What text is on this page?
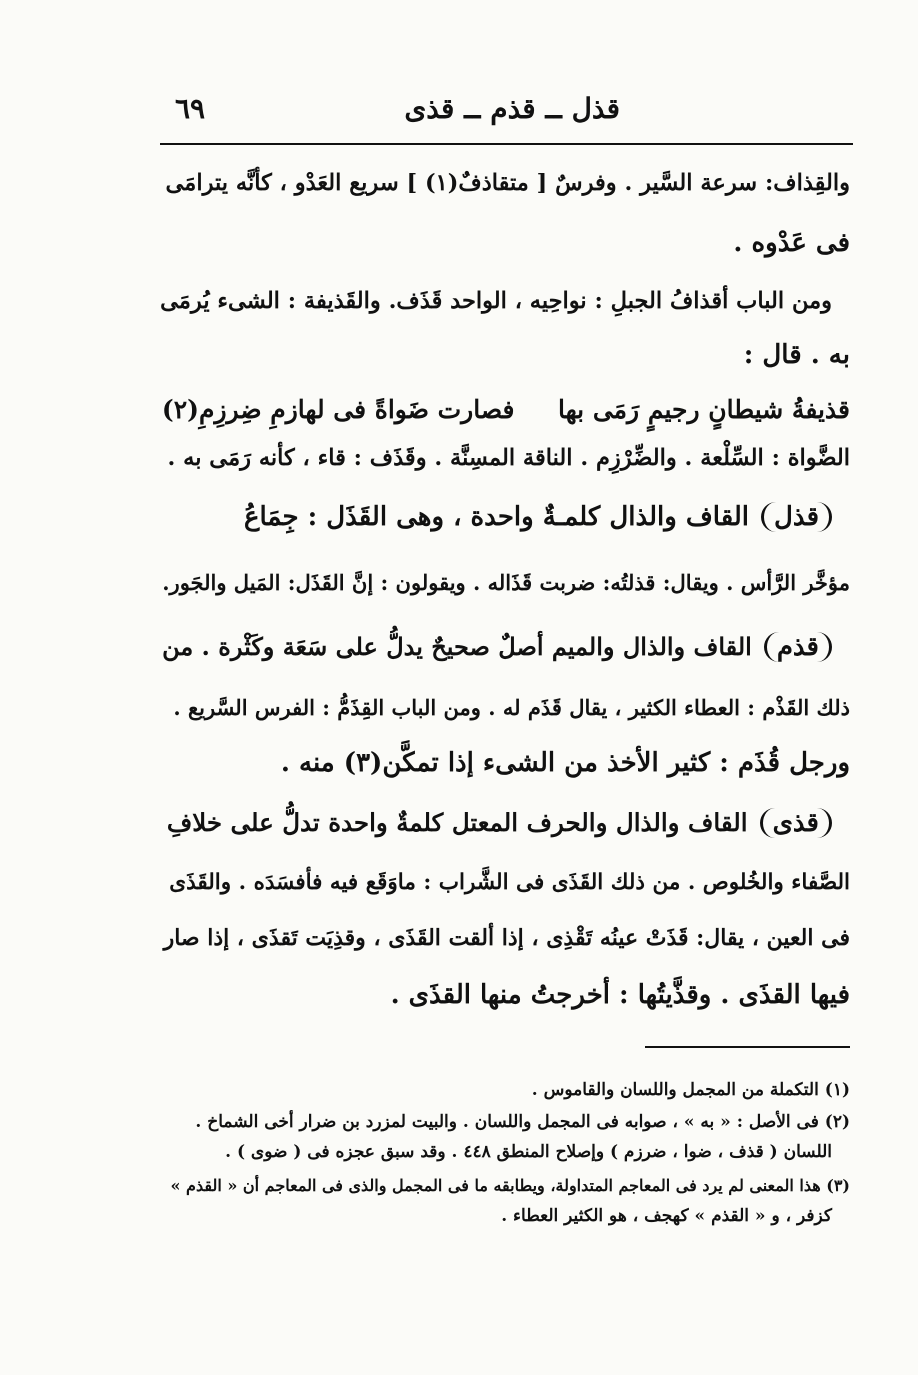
قذل ــ قذم ــ قذى
٦٩
والقِذاف: سرعة السَّير . وفرسٌ [ متقاذفٌ(١) ] سريع العَدْو ، كأنَّه يترامَى
فى عَدْوه .
ومن الباب أقذافُ الجبلِ : نواحِيه ، الواحد قَذَف. والقَذيفة : الشىء يُرمَى
به . قال :
قذيفةُ شيطانٍ رجيمٍ رَمَى بها     فصارت ضَواةً فى لهازمِ ضِرزِمِ(٢)
الضَّواة : السِّلْعة . والضِّرْزِم . الناقة المسِنَّة . وقَذَف : قاء ، كأنه رَمَى به .
قذلالقاف والذال كلمـةٌ واحدة ، وهى القَذَل : جِمَاعُ
مؤخَّر الرَّأس . ويقال: قذلتُه: ضربت قَذَاله . ويقولون : إنَّ القَذَل: المَيل والجَور.
قذمالقاف والذال والميم أصلٌ صحيحٌ يدلُّ على سَعَة وكَثْرة . من
ذلك القَذْم : العطاء الكثير ، يقال قَذَم له . ومن الباب القِذَمُّ : الفرس السَّريع .
ورجل قُذَم : كثير الأخذ من الشىء إذا تمكَّن(٣) منه .
قذىالقاف والذال والحرف المعتل كلمةٌ واحدة تدلُّ على خلافِ
الصَّفاء والخُلوص . من ذلك القَذَى فى الشَّراب : ماوَقَع فيه فأفسَدَه . والقَذَى
فى العين ، يقال: قَذَتْ عينُه تَقْذِى ، إذا ألقت القَذَى ، وقذِيَت تَقذَى ، إذا صار
فيها القذَى . وقذَّيتُها : أخرجتُ منها القذَى .
(١) التكملة من المجمل واللسان والقاموس .
(٢) فى الأصل : « به » ، صوابه فى المجمل واللسان . والبيت لمزرد بن ضرار أخى الشماخ .
اللسان ( قذف ، ضوا ، ضرزم ) وإصلاح المنطق ٤٤٨ . وقد سبق عجزه فى ( ضوى ) .
(٣) هذا المعنى لم يرد فى المعاجم المتداولة، ويطابقه ما فى المجمل والذى فى المعاجم أن « القذم »
كزفر ، و « القذم » كهجف ، هو الكثير العطاء .
